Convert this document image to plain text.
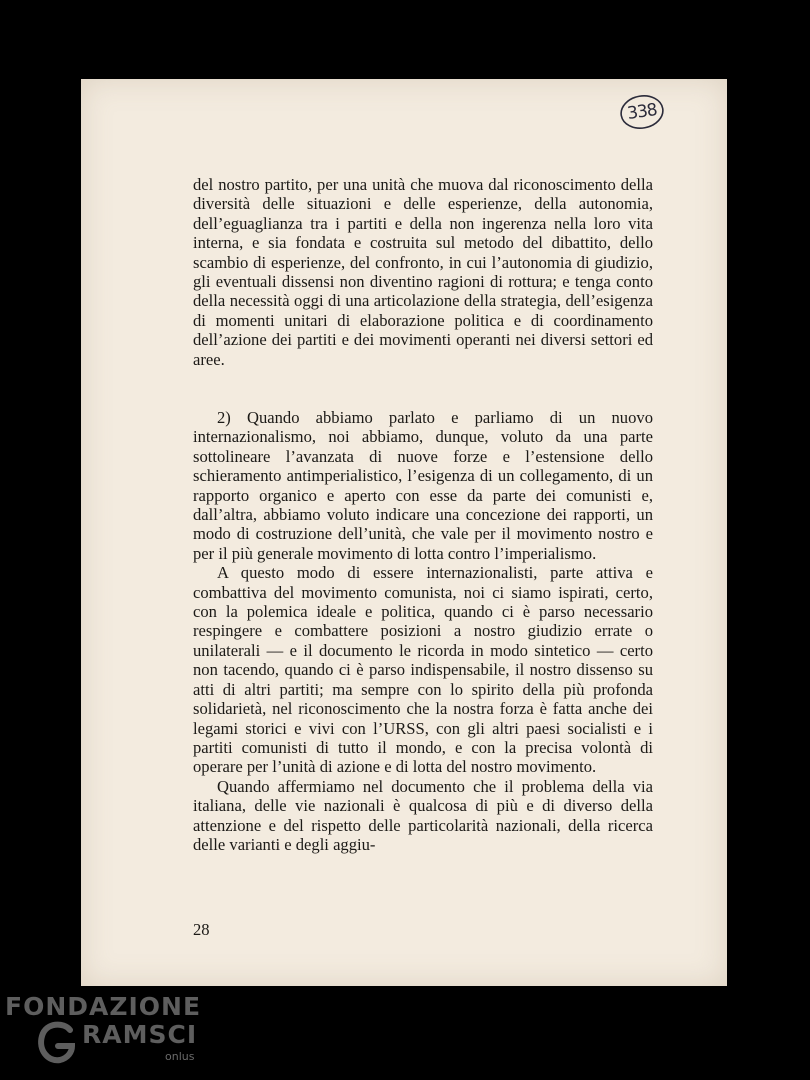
338

del nostro partito, per una unità che muova dal riconoscimento della diversità delle situazioni e delle esperienze, della autonomia, dell’eguaglianza tra i partiti e della non ingerenza nella loro vita interna, e sia fondata e costruita sul metodo del dibattito, dello scambio di esperienze, del confronto, in cui l’autonomia di giudizio, gli eventuali dissensi non diventino ragioni di rottura; e tenga conto della necessità oggi di una articolazione della strategia, dell’esigenza di momenti unitari di elaborazione politica e di coordinamento dell’azione dei partiti e dei movimenti operanti nei diversi settori ed aree.

2) Quando abbiamo parlato e parliamo di un nuovo internazionalismo, noi abbiamo, dunque, voluto da una parte sottolineare l’avanzata di nuove forze e l’estensione dello schieramento antimperialistico, l’esigenza di un collegamento, di un rapporto organico e aperto con esse da parte dei comunisti e, dall’altra, abbiamo voluto indicare una concezione dei rapporti, un modo di costruzione dell’unità, che vale per il movimento nostro e per il più generale movimento di lotta contro l’imperialismo.

A questo modo di essere internazionalisti, parte attiva e combattiva del movimento comunista, noi ci siamo ispirati, certo, con la polemica ideale e politica, quando ci è parso necessario respingere e combattere posizioni a nostro giudizio errate o unilaterali — e il documento le ricorda in modo sintetico — certo non tacendo, quando ci è parso indispensabile, il nostro dissenso su atti di altri partiti; ma sempre con lo spirito della più profonda solidarietà, nel riconoscimento che la nostra forza è fatta anche dei legami storici e vivi con l’URSS, con gli altri paesi socialisti e i partiti comunisti di tutto il mondo, e con la precisa volontà di operare per l’unità di azione e di lotta del nostro movimento.

Quando affermiamo nel documento che il problema della via italiana, delle vie nazionali è qualcosa di più e di diverso della attenzione e del rispetto delle particolarità nazionali, della ricerca delle varianti e degli aggiu-

28
FONDAZIONE
RAMSCI
onlus
